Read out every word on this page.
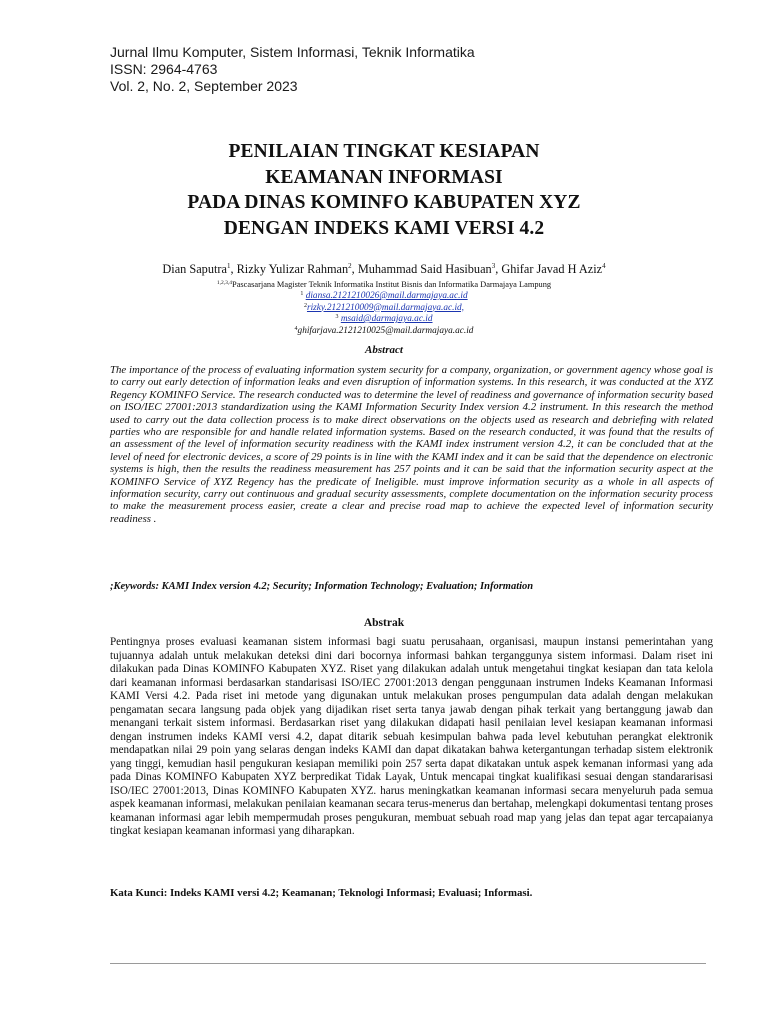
Jurnal Ilmu Komputer, Sistem Informasi, Teknik Informatika
ISSN: 2964-4763
Vol. 2, No. 2, September 2023
PENILAIAN TINGKAT KESIAPAN
KEAMANAN INFORMASI
PADA DINAS KOMINFO KABUPATEN XYZ
DENGAN INDEKS KAMI VERSI 4.2
Dian Saputra$^1$, Rizky Yulizar Rahman$^2$, Muhammad Said Hasibuan$^3$, Ghifar Javad H Aziz$^4$
$^{1,2,3,4}$Pascasarjana Magister Teknik Informatika Institut Bisnis dan Informatika Darmajaya Lampung
$^1$ diansa.2121210026@mail.darmajaya.ac.id
$^2$rizky.2121210009@mail.darmajaya.ac.id,
$^3$ msaid@darmajaya.ac.id
$^4$ghifarjava.2121210025@mail.darmajaya.ac.id
Abstract
The importance of the process of evaluating information system security for a company, organization, or government agency whose goal is to carry out early detection of information leaks and even disruption of information systems. In this research, it was conducted at the XYZ Regency KOMINFO Service. The research conducted was to determine the level of readiness and governance of information security based on ISO/IEC 27001:2013 standardization using the KAMI Information Security Index version 4.2 instrument. In this research the method used to carry out the data collection process is to make direct observations on the objects used as research and debriefing with related parties who are responsible for and handle related information systems. Based on the research conducted, it was found that the results of an assessment of the level of information security readiness with the KAMI index instrument version 4.2, it can be concluded that at the level of need for electronic devices, a score of 29 points is in line with the KAMI index and it can be said that the dependence on electronic systems is high, then the results the readiness measurement has 257 points and it can be said that the information security aspect at the KOMINFO Service of XYZ Regency has the predicate of Ineligible. must improve information security as a whole in all aspects of information security, carry out continuous and gradual security assessments, complete documentation on the information security process to make the measurement process easier, create a clear and precise road map to achieve the expected level of information security readiness .
;Keywords: KAMI Index version 4.2; Security; Information Technology; Evaluation; Information
Abstrak
Pentingnya proses evaluasi keamanan sistem informasi bagi suatu perusahaan, organisasi, maupun instansi pemerintahan yang tujuannya adalah untuk melakukan deteksi dini dari bocornya informasi bahkan terganggunya sistem informasi. Dalam riset ini dilakukan pada Dinas KOMINFO Kabupaten XYZ. Riset yang dilakukan adalah untuk mengetahui tingkat kesiapan dan tata kelola dari keamanan informasi berdasarkan standarisasi ISO/IEC 27001:2013 dengan penggunaan instrumen Indeks Keamanan Informasi KAMI Versi 4.2. Pada riset ini metode yang digunakan untuk melakukan proses pengumpulan data adalah dengan melakukan pengamatan secara langsung pada objek yang dijadikan riset serta tanya jawab dengan pihak terkait yang bertanggung jawab dan menangani terkait sistem informasi. Berdasarkan riset yang dilakukan didapati hasil penilaian level kesiapan keamanan informasi dengan instrumen indeks KAMI versi 4.2, dapat ditarik sebuah kesimpulan bahwa pada level kebutuhan perangkat elektronik mendapatkan nilai 29 poin yang selaras dengan indeks KAMI dan dapat dikatakan bahwa ketergantungan terhadap sistem elektronik yang tinggi, kemudian hasil pengukuran kesiapan memiliki poin 257 serta dapat dikatakan untuk aspek kemanan informasi yang ada pada Dinas KOMINFO Kabupaten XYZ berpredikat Tidak Layak, Untuk mencapai tingkat kualifikasi sesuai dengan standararisasi ISO/IEC 27001:2013, Dinas KOMINFO Kabupaten XYZ. harus meningkatkan keamanan informasi secara menyeluruh pada semua aspek keamanan informasi, melakukan penilaian keamanan secara terus-menerus dan bertahap, melengkapi dokumentasi tentang proses keamanan informasi agar lebih mempermudah proses pengukuran, membuat sebuah road map yang jelas dan tepat agar tercapaianya tingkat kesiapan keamanan informasi yang diharapkan.
Kata Kunci: Indeks KAMI versi 4.2; Keamanan; Teknologi Informasi; Evaluasi; Informasi.
